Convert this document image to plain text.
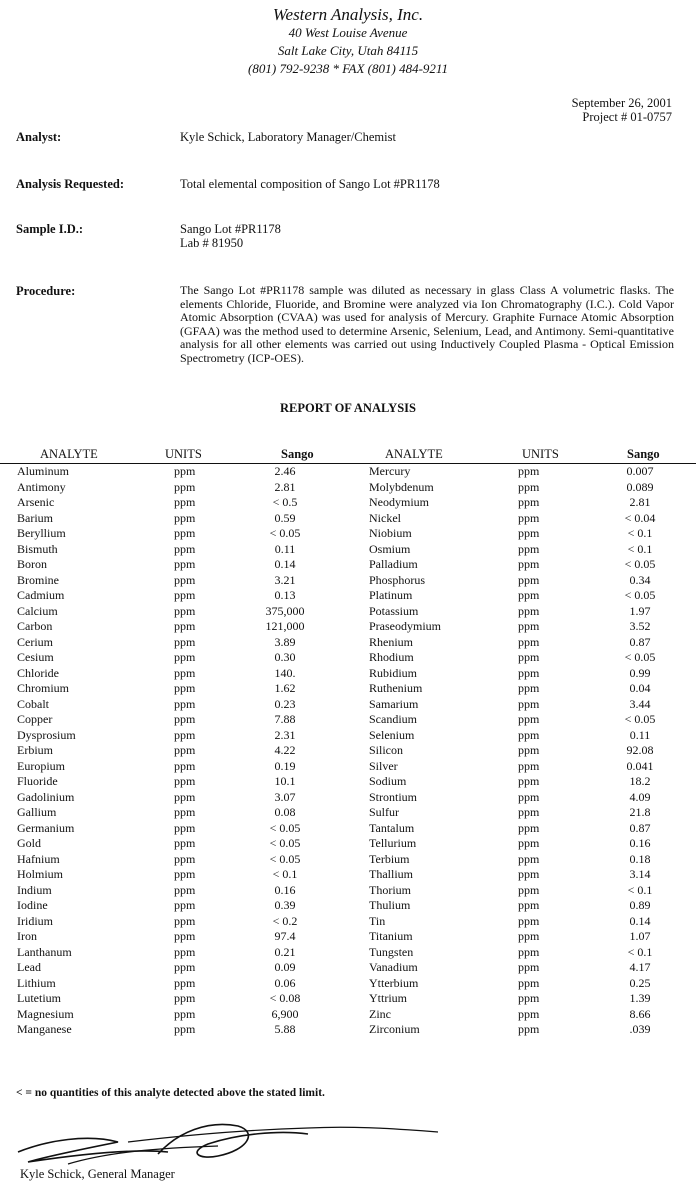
Western Analysis, Inc.
40 West Louise Avenue
Salt Lake City, Utah 84115
(801) 792-9238 * FAX (801) 484-9211
September 26, 2001
Project # 01-0757
Analyst:	Kyle Schick, Laboratory Manager/Chemist
Analysis Requested:	Total elemental composition of Sango Lot #PR1178
Sample I.D.:	Sango Lot #PR1178
Lab # 81950
Procedure:	The Sango Lot #PR1178 sample was diluted as necessary in glass Class A volumetric flasks. The elements Chloride, Fluoride, and Bromine were analyzed via Ion Chromatography (I.C.). Cold Vapor Atomic Absorption (CVAA) was used for analysis of Mercury. Graphite Furnace Atomic Absorption (GFAA) was the method used to determine Arsenic, Selenium, Lead, and Antimony. Semi-quantitative analysis for all other elements was carried out using Inductively Coupled Plasma - Optical Emission Spectrometry (ICP-OES).
REPORT OF ANALYSIS
ANALYTE	UNITS	Sango	ANALYTE	UNITS	Sango
Aluminum	ppm	2.46	Mercury	ppm	0.007
Antimony	ppm	2.81	Molybdenum	ppm	0.089
Arsenic	ppm	< 0.5	Neodymium	ppm	2.81
Barium	ppm	0.59	Nickel	ppm	< 0.04
Beryllium	ppm	< 0.05	Niobium	ppm	< 0.1
Bismuth	ppm	0.11	Osmium	ppm	< 0.1
Boron	ppm	0.14	Palladium	ppm	< 0.05
Bromine	ppm	3.21	Phosphorus	ppm	0.34
Cadmium	ppm	0.13	Platinum	ppm	< 0.05
Calcium	ppm	375,000	Potassium	ppm	1.97
Carbon	ppm	121,000	Praseodymium	ppm	3.52
Cerium	ppm	3.89	Rhenium	ppm	0.87
Cesium	ppm	0.30	Rhodium	ppm	< 0.05
Chloride	ppm	140.	Rubidium	ppm	0.99
Chromium	ppm	1.62	Ruthenium	ppm	0.04
Cobalt	ppm	0.23	Samarium	ppm	3.44
Copper	ppm	7.88	Scandium	ppm	< 0.05
Dysprosium	ppm	2.31	Selenium	ppm	0.11
Erbium	ppm	4.22	Silicon	ppm	92.08
Europium	ppm	0.19	Silver	ppm	0.041
Fluoride	ppm	10.1	Sodium	ppm	18.2
Gadolinium	ppm	3.07	Strontium	ppm	4.09
Gallium	ppm	0.08	Sulfur	ppm	21.8
Germanium	ppm	< 0.05	Tantalum	ppm	0.87
Gold	ppm	< 0.05	Tellurium	ppm	0.16
Hafnium	ppm	< 0.05	Terbium	ppm	0.18
Holmium	ppm	< 0.1	Thallium	ppm	3.14
Indium	ppm	0.16	Thorium	ppm	< 0.1
Iodine	ppm	0.39	Thulium	ppm	0.89
Iridium	ppm	< 0.2	Tin	ppm	0.14
Iron	ppm	97.4	Titanium	ppm	1.07
Lanthanum	ppm	0.21	Tungsten	ppm	< 0.1
Lead	ppm	0.09	Vanadium	ppm	4.17
Lithium	ppm	0.06	Ytterbium	ppm	0.25
Lutetium	ppm	< 0.08	Yttrium	ppm	1.39
Magnesium	ppm	6,900	Zinc	ppm	8.66
Manganese	ppm	5.88	Zirconium	ppm	.039
< = no quantities of this analyte detected above the stated limit.
Kyle Schick, General Manager
